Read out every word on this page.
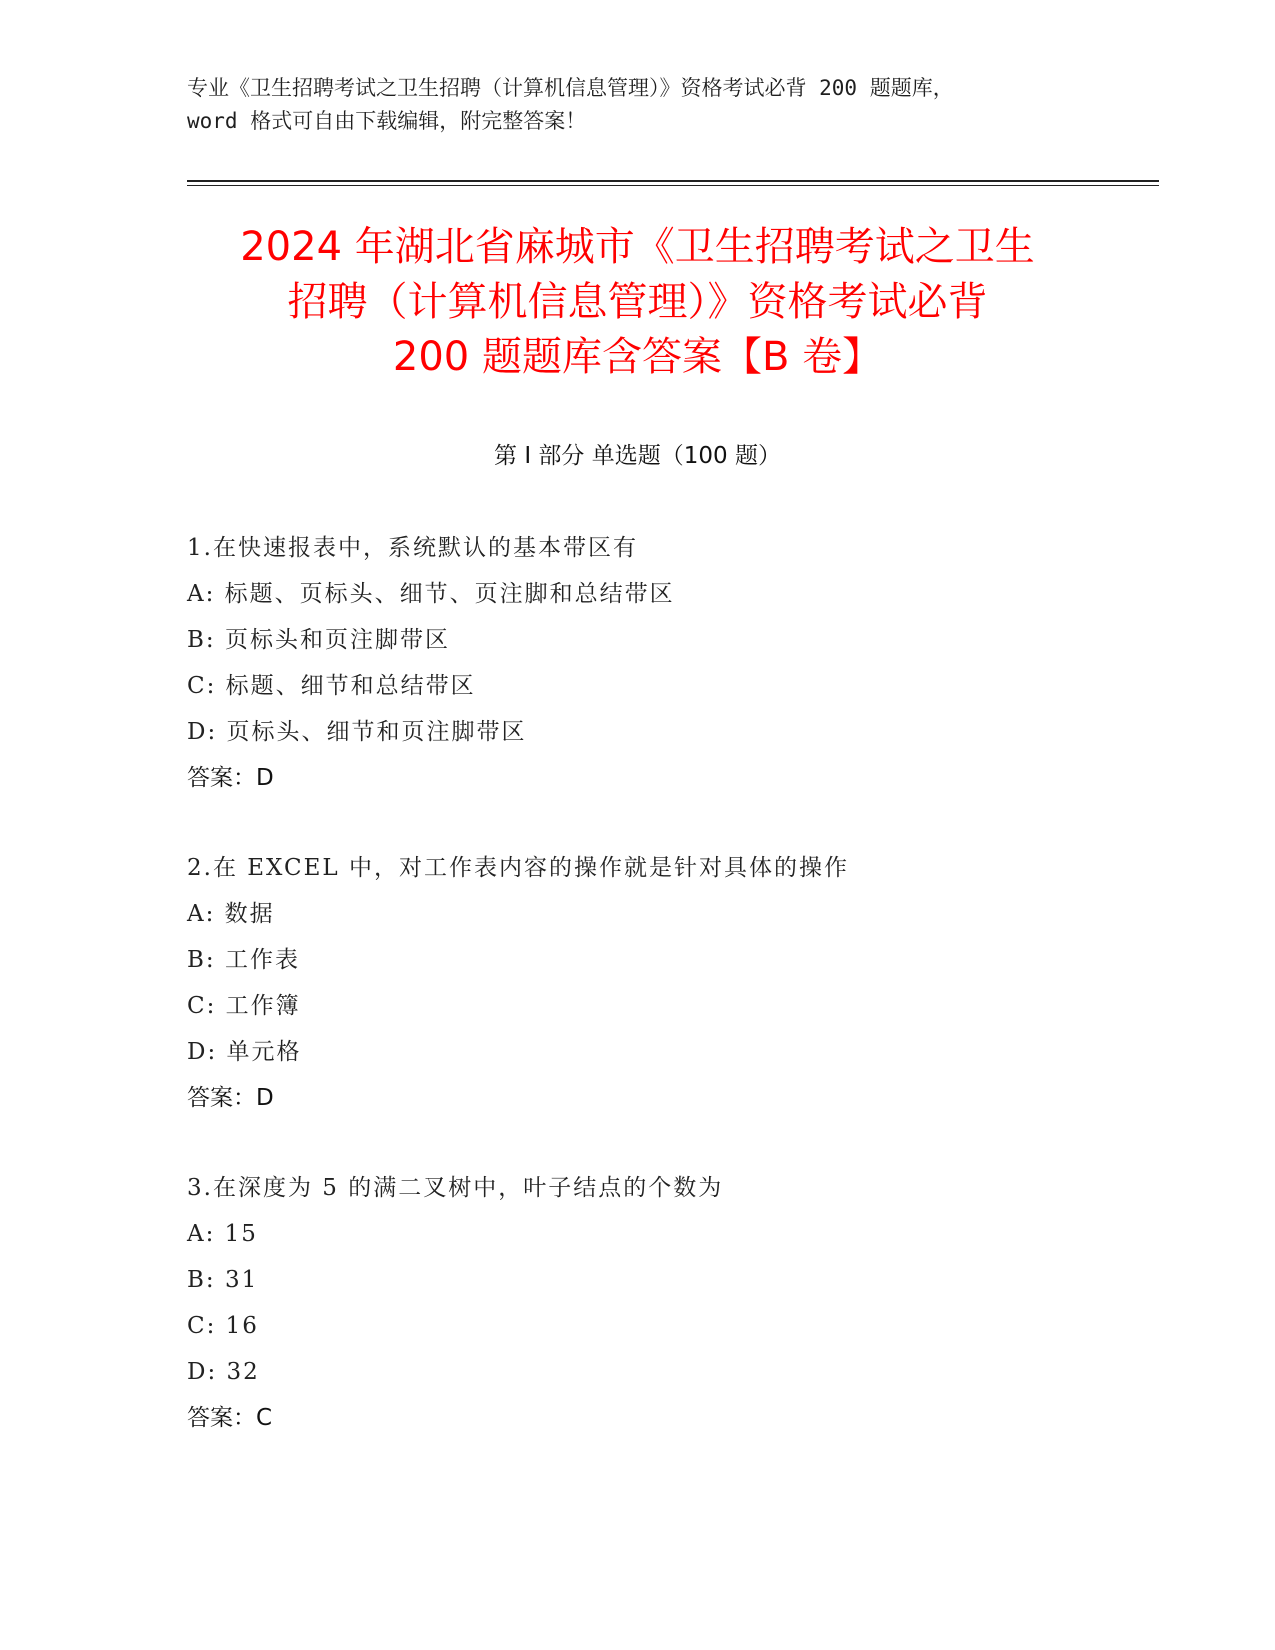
专业《卫生招聘考试之卫生招聘（计算机信息管理）》资格考试必背 200 题题库，
word 格式可自由下载编辑，附完整答案！
2024 年湖北省麻城市《卫生招聘考试之卫生
招聘（计算机信息管理）》资格考试必背
200 题题库含答案【B 卷】
第 I 部分 单选题（100 题）
1.在快速报表中，系统默认的基本带区有
A: 标题、页标头、细节、页注脚和总结带区
B: 页标头和页注脚带区
C: 标题、细节和总结带区
D: 页标头、细节和页注脚带区
答案：D
2.在 EXCEL 中，对工作表内容的操作就是针对具体的操作
A: 数据
B: 工作表
C: 工作簿
D: 单元格
答案：D
3.在深度为 5 的满二叉树中，叶子结点的个数为
A: 15
B: 31
C: 16
D: 32
答案：C
